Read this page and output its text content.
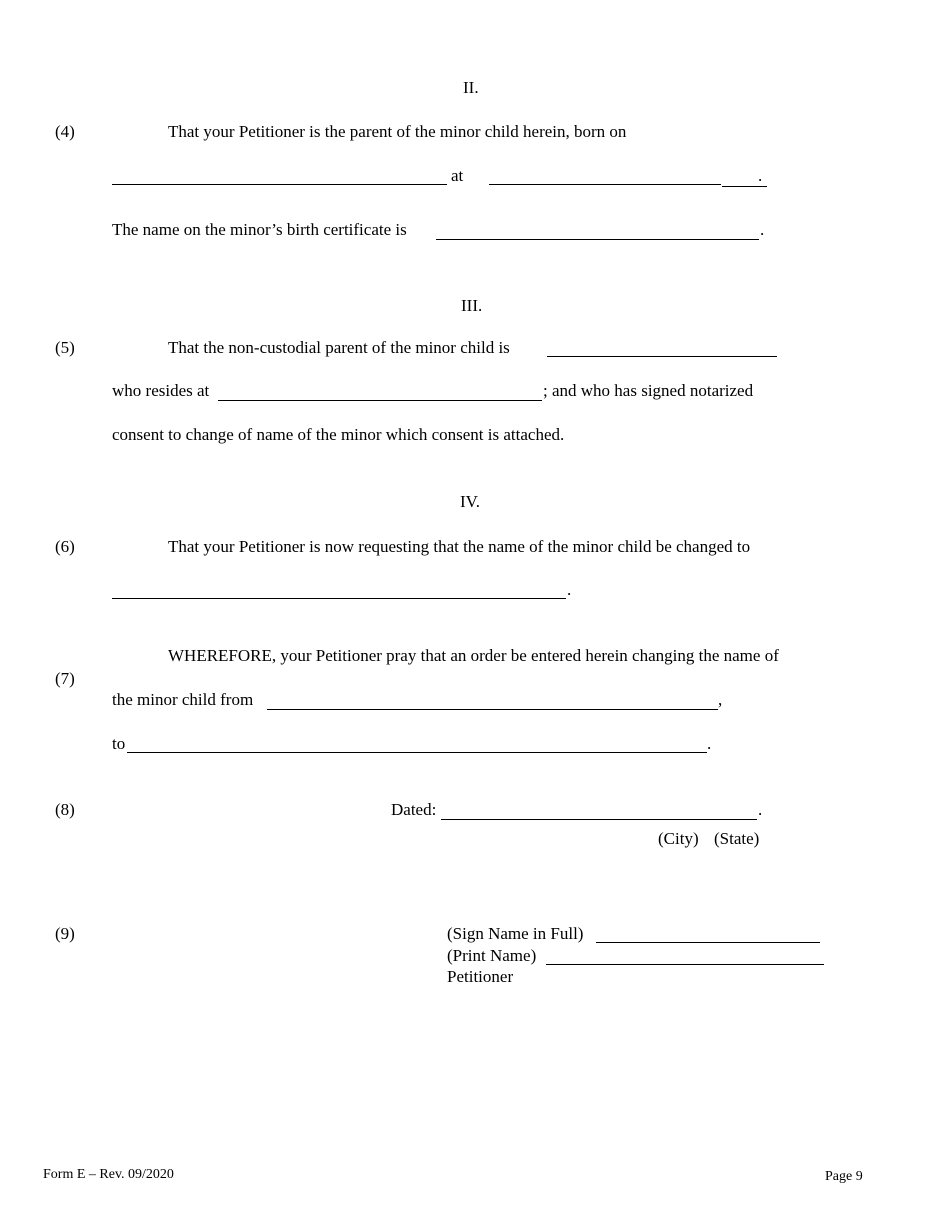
II.
(4)	That your Petitioner is the parent of the minor child herein, born on
at	.
The name on the minor’s birth certificate is	.
III.
(5)	That the non-custodial parent of the minor child is
who resides at	; and who has signed notarized
consent to change of name of the minor which consent is attached.
IV.
(6)	That your Petitioner is now requesting that the name of the minor child be changed to
.
WHEREFORE, your Petitioner pray that an order be entered herein changing the name of
(7)
the minor child from	,
to	.
(8)	Dated:	.
(City) (State)
(9)	(Sign Name in Full)
(Print Name)
Petitioner
Form E – Rev. 09/2020	Page 9
